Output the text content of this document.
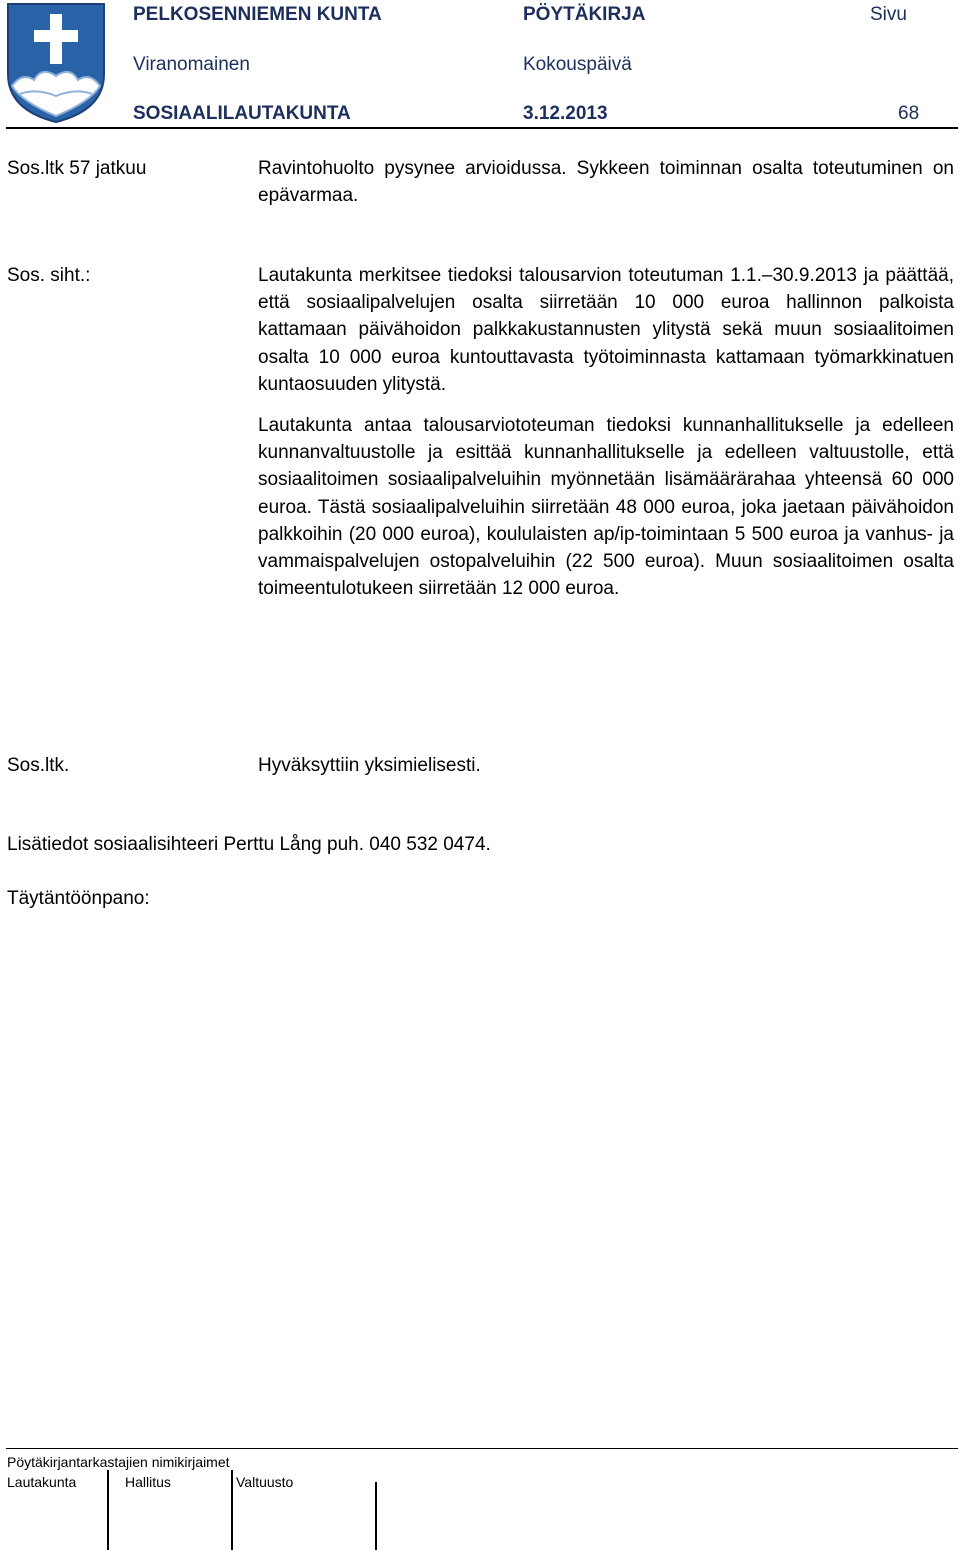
PELKOSENNIEMEN KUNTA	PÖYTÄKIRJA	Sivu
Viranomainen	Kokouspäivä
SOSIAALILAUTAKUNTA	3.12.2013	68
Sos.ltk 57 jatkuu	Ravintohuolto pysynee arvioidussa. Sykkeen toiminnan osalta toteutuminen on epävarmaa.

Sos. siht.:	Lautakunta merkitsee tiedoksi talousarvion toteutuman 1.1.–30.9.2013 ja päättää, että sosiaalipalvelujen osalta siirretään 10 000 euroa hallinnon palkoista kattamaan päivähoidon palkkakustannusten ylitystä sekä muun sosiaalitoimen osalta 10 000 euroa kuntouttavasta työtoiminnasta kattamaan työmarkkinatuen kuntaosuuden ylitystä.

Lautakunta antaa talousarviototeuman tiedoksi kunnanhallitukselle ja edelleen kunnanvaltuustolle ja esittää kunnanhallitukselle ja edelleen valtuustolle, että sosiaalitoimen sosiaalipalveluihin myönnetään lisämäärärahaa yhteensä 60 000 euroa. Tästä sosiaalipalveluihin siirretään 48 000 euroa, joka jaetaan päivähoidon palkkoihin (20 000 euroa), koululaisten ap/ip-toimintaan 5 500 euroa ja vanhus- ja vammaispalvelujen ostopalveluihin (22 500 euroa). Muun sosiaalitoimen osalta toimeentulotukeen siirretään 12 000 euroa.

Sos.ltk.	Hyväksyttiin yksimielisesti.

Lisätiedot sosiaalisihteeri Perttu Lång puh. 040 532 0474.
Täytäntöönpano:
Pöytäkirjantarkastajien nimikirjaimet
Lautakunta	Hallitus	Valtuusto
